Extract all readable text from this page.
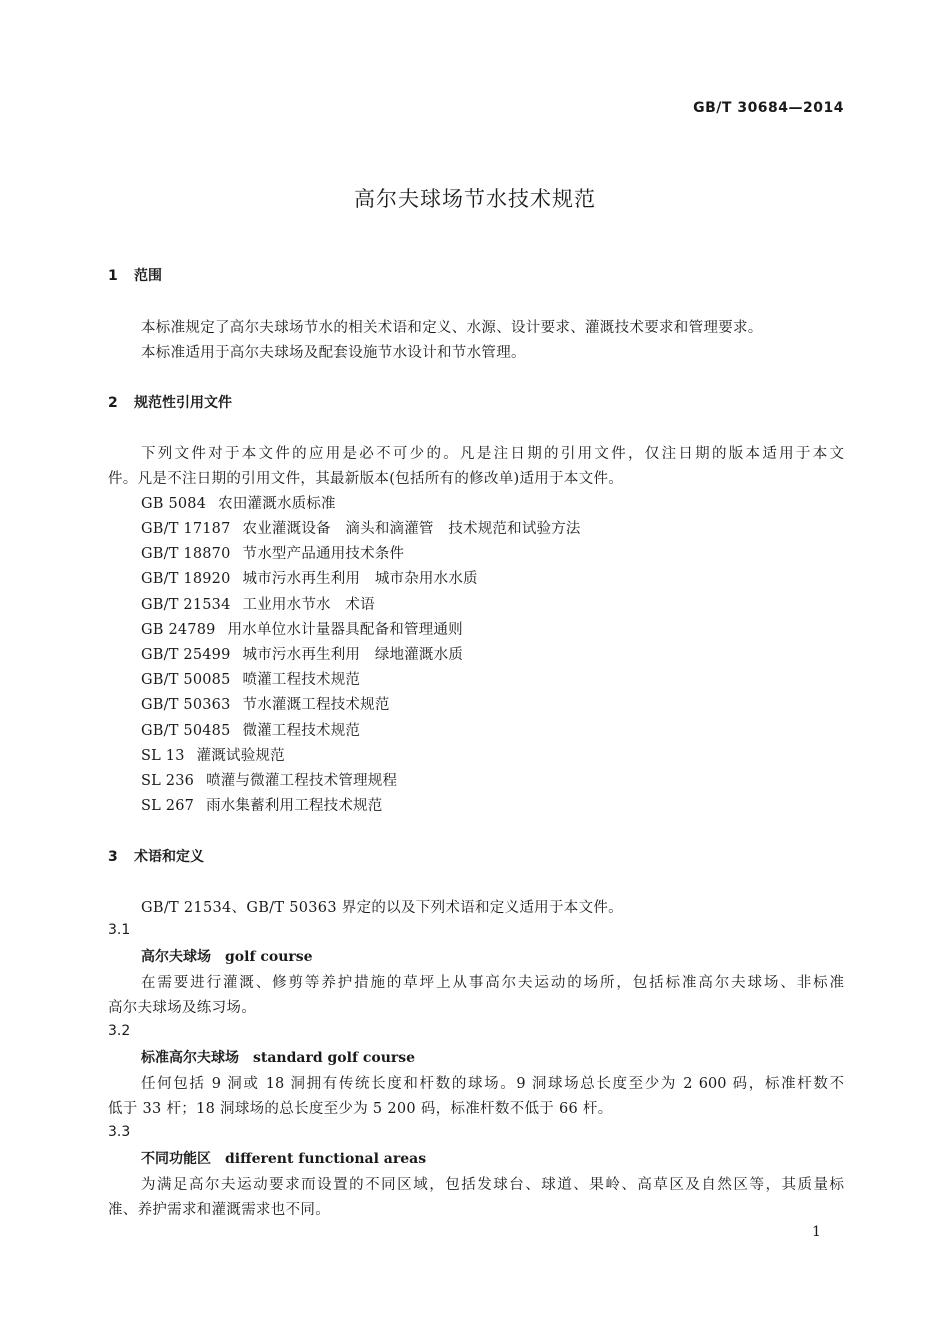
GB/T 30684—2014
高尔夫球场节水技术规范
1 范围
本标准规定了高尔夫球场节水的相关术语和定义、水源、设计要求、灌溉技术要求和管理要求。
本标准适用于高尔夫球场及配套设施节水设计和节水管理。
2 规范性引用文件
下列文件对于本文件的应用是必不可少的。凡是注日期的引用文件，仅注日期的版本适用于本文
件。凡是不注日期的引用文件，其最新版本(包括所有的修改单)适用于本文件。
GB 5084 农田灌溉水质标准
GB/T 17187 农业灌溉设备　滴头和滴灌管　技术规范和试验方法
GB/T 18870 节水型产品通用技术条件
GB/T 18920 城市污水再生利用　城市杂用水水质
GB/T 21534 工业用水节水　术语
GB 24789 用水单位水计量器具配备和管理通则
GB/T 25499 城市污水再生利用　绿地灌溉水质
GB/T 50085 喷灌工程技术规范
GB/T 50363 节水灌溉工程技术规范
GB/T 50485 微灌工程技术规范
SL 13 灌溉试验规范
SL 236 喷灌与微灌工程技术管理规程
SL 267 雨水集蓄利用工程技术规范
3 术语和定义
GB/T 21534、GB/T 50363 界定的以及下列术语和定义适用于本文件。
3.1
高尔夫球场 golf course
在需要进行灌溉、修剪等养护措施的草坪上从事高尔夫运动的场所，包括标准高尔夫球场、非标准
高尔夫球场及练习场。
3.2
标准高尔夫球场 standard golf course
任何包括 9 洞或 18 洞拥有传统长度和杆数的球场。9 洞球场总长度至少为 2 600 码，标准杆数不
低于 33 杆；18 洞球场的总长度至少为 5 200 码，标准杆数不低于 66 杆。
3.3
不同功能区 different functional areas
为满足高尔夫运动要求而设置的不同区域，包括发球台、球道、果岭、高草区及自然区等，其质量标
准、养护需求和灌溉需求也不同。
1
